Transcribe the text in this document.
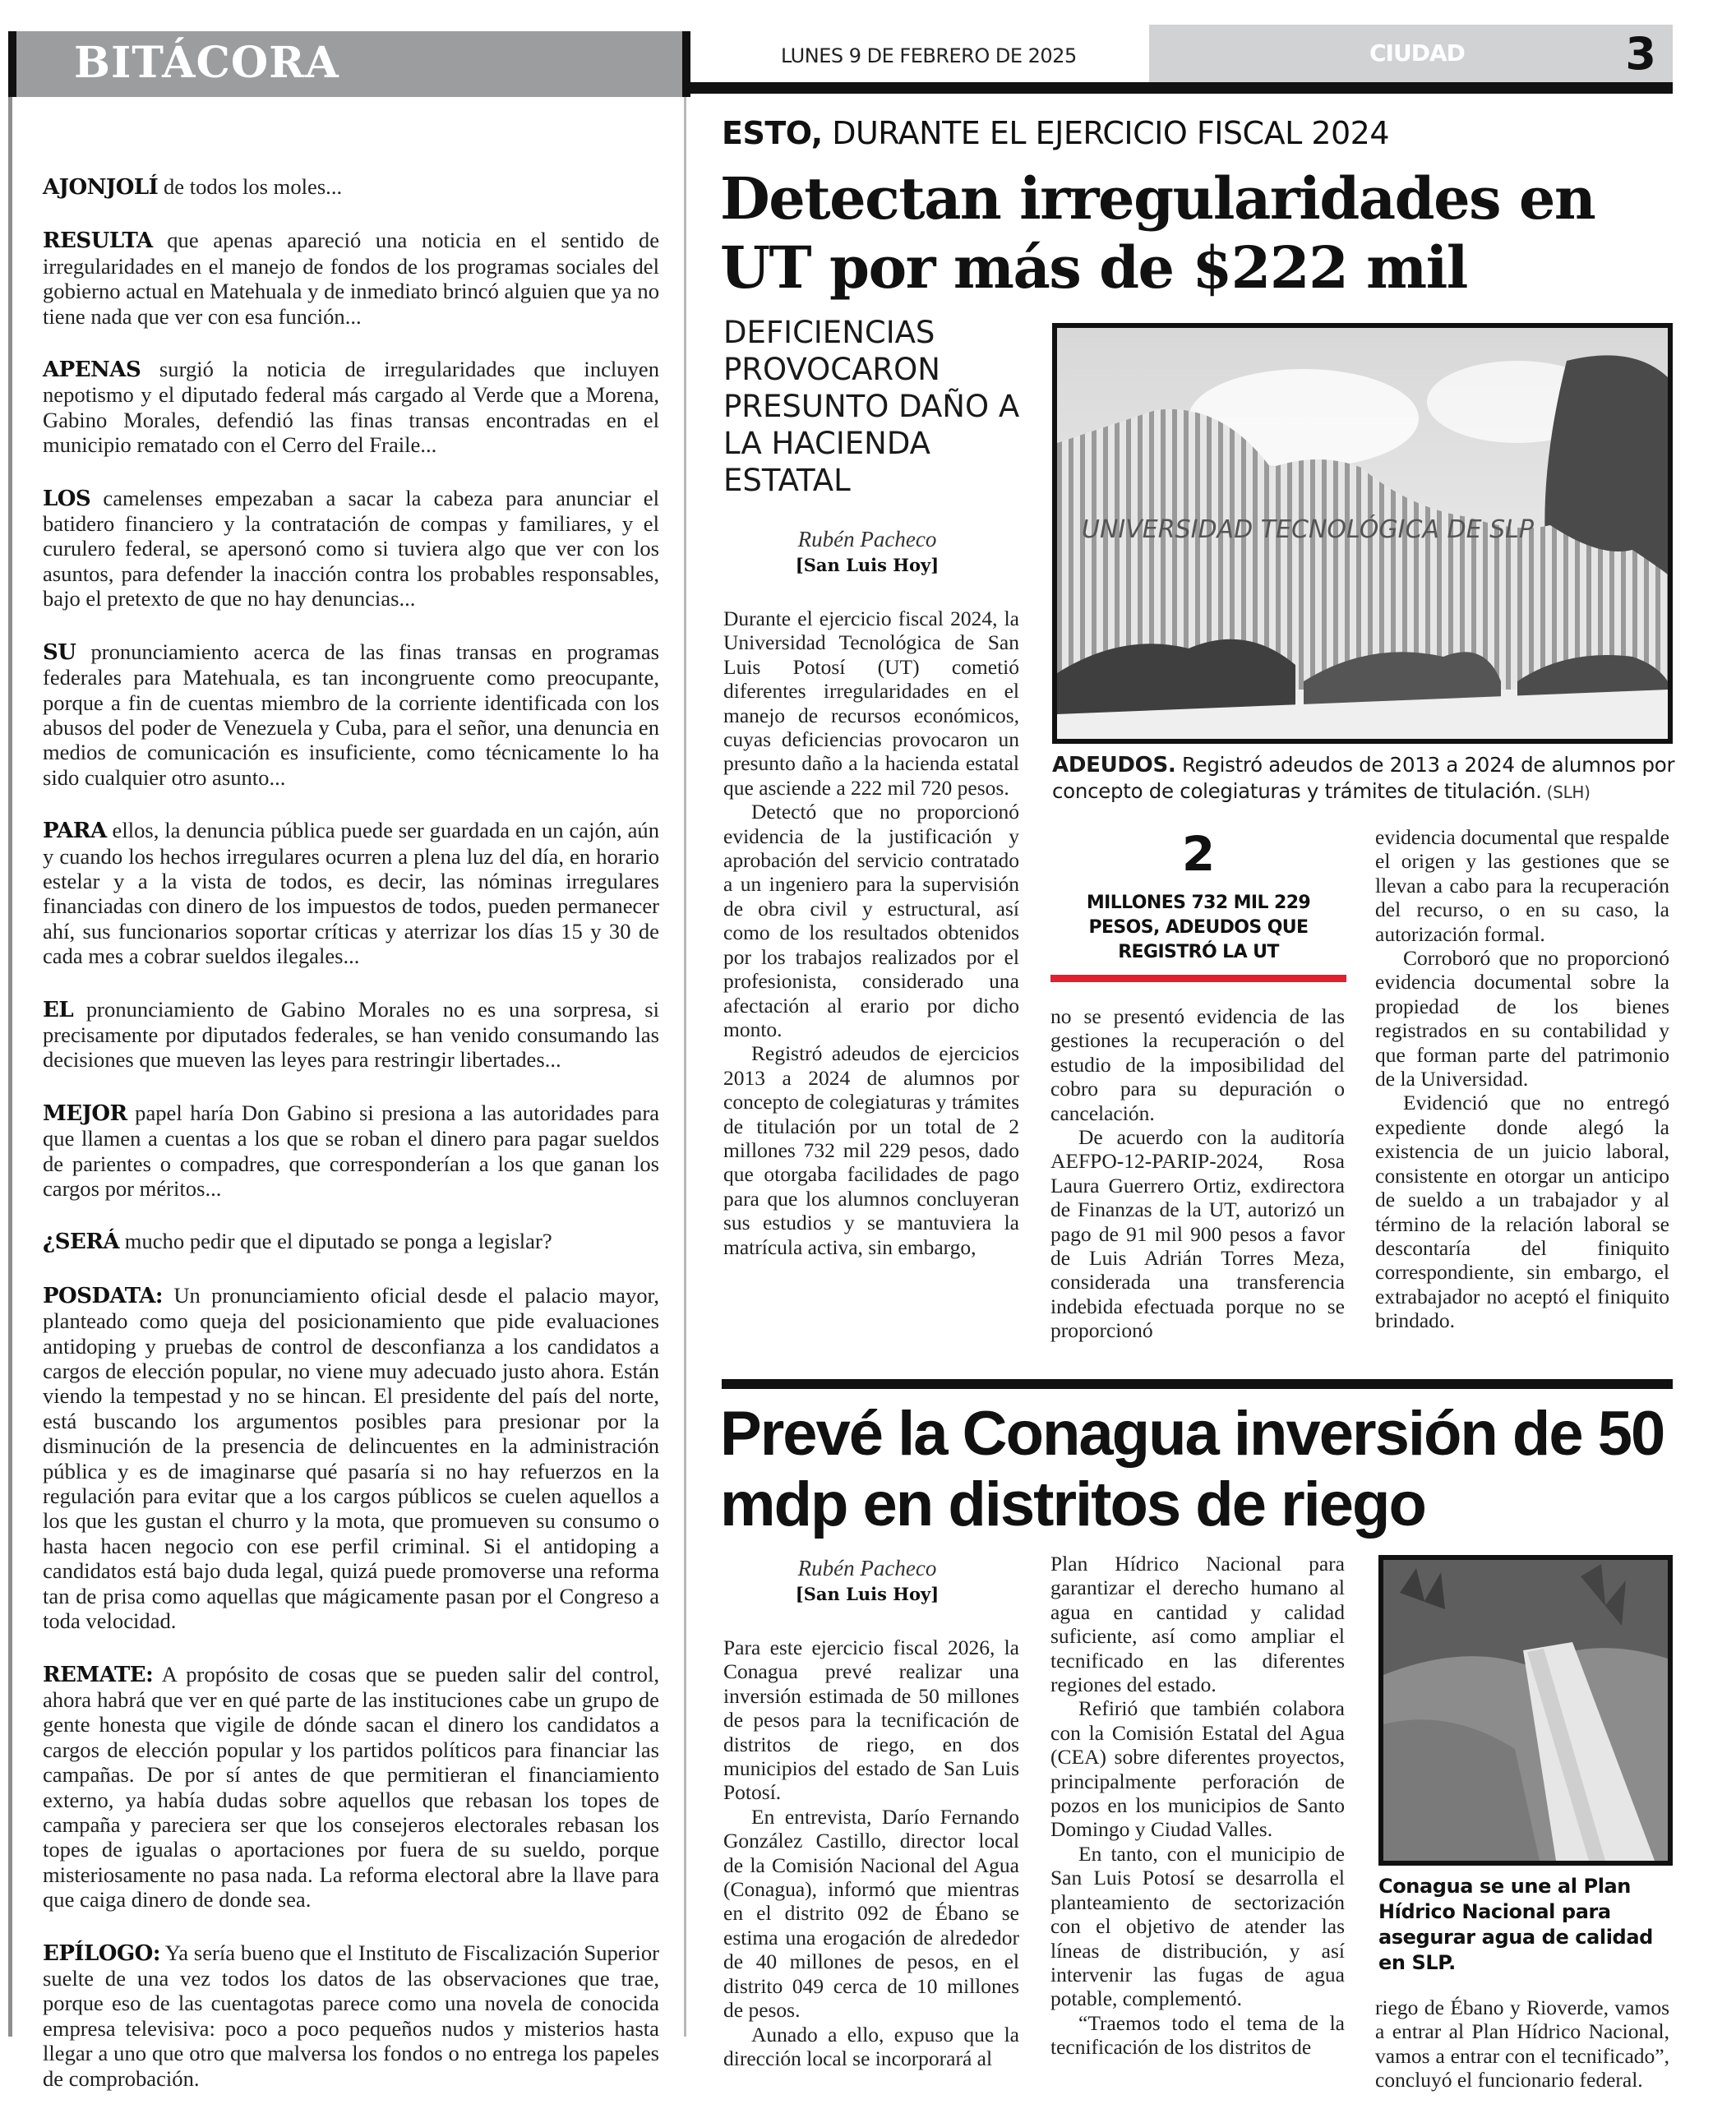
BITÁCORA

AJONJOLÍ de todos los moles...

RESULTA que apenas apareció una noticia en el sentido de irregularidades en el manejo de fondos de los programas sociales del gobierno actual en Matehuala y de inmediato brincó alguien que ya no tiene nada que ver con esa función...

APENAS surgió la noticia de irregularidades que incluyen nepotismo y el diputado federal más cargado al Verde que a Morena, Gabino Morales, defendió las finas transas encontradas en el municipio rematado con el Cerro del Fraile...

LOS camelenses empezaban a sacar la cabeza para anunciar el batidero financiero y la contratación de compas y familiares, y el curulero federal, se apersonó como si tuviera algo que ver con los asuntos, para defender la inacción contra los probables responsables, bajo el pretexto de que no hay denuncias...

SU pronunciamiento acerca de las finas transas en programas federales para Matehuala, es tan incongruente como preocupante, porque a fin de cuentas miembro de la corriente identificada con los abusos del poder de Venezuela y Cuba, para el señor, una denuncia en medios de comunicación es insuficiente, como técnicamente lo ha sido cualquier otro asunto...

PARA ellos, la denuncia pública puede ser guardada en un cajón, aún y cuando los hechos irregulares ocurren a plena luz del día, en horario estelar y a la vista de todos, es decir, las nóminas irregulares financiadas con dinero de los impuestos de todos, pueden permanecer ahí, sus funcionarios soportar críticas y aterrizar los días 15 y 30 de cada mes a cobrar sueldos ilegales...

EL pronunciamiento de Gabino Morales no es una sorpresa, si precisamente por diputados federales, se han venido consumando las decisiones que mueven las leyes para restringir libertades...

MEJOR papel haría Don Gabino si presiona a las autoridades para que llamen a cuentas a los que se roban el dinero para pagar sueldos de parientes o compadres, que corresponderían a los que ganan los cargos por méritos...

¿SERÁ mucho pedir que el diputado se ponga a legislar?

POSDATA: Un pronunciamiento oficial desde el palacio mayor, planteado como queja del posicionamiento que pide evaluaciones antidoping y pruebas de control de desconfianza a los candidatos a cargos de elección popular, no viene muy adecuado justo ahora. Están viendo la tempestad y no se hincan. El presidente del país del norte, está buscando los argumentos posibles para presionar por la disminución de la presencia de delincuentes en la administración pública y es de imaginarse qué pasaría si no hay refuerzos en la regulación para evitar que a los cargos públicos se cuelen aquellos a los que les gustan el churro y la mota, que promueven su consumo o hasta hacen negocio con ese perfil criminal. Si el antidoping a candidatos está bajo duda legal, quizá puede promoverse una reforma tan de prisa como aquellas que mágicamente pasan por el Congreso a toda velocidad.

REMATE: A propósito de cosas que se pueden salir del control, ahora habrá que ver en qué parte de las instituciones cabe un grupo de gente honesta que vigile de dónde sacan el dinero los candidatos a cargos de elección popular y los partidos políticos para financiar las campañas. De por sí antes de que permitieran el financiamiento externo, ya había dudas sobre aquellos que rebasan los topes de campaña y pareciera ser que los consejeros electorales rebasan los topes de igualas o aportaciones por fuera de su sueldo, porque misteriosamente no pasa nada. La reforma electoral abre la llave para que caiga dinero de donde sea.

EPÍLOGO: Ya sería bueno que el Instituto de Fiscalización Superior suelte de una vez todos los datos de las observaciones que trae, porque eso de las cuentagotas parece como una novela de conocida empresa televisiva: poco a poco pequeños nudos y misterios hasta llegar a uno que otro que malversa los fondos o no entrega los papeles de comprobación.

LUNES 9 DE FEBRERO DE 2025	CIUDAD	3
ESTO, DURANTE EL EJERCICIO FISCAL 2024
Detectan irregularidades en UT por más de $222 mil
DEFICIENCIAS PROVOCARON PRESUNTO DAÑO A LA HACIENDA ESTATAL
Rubén Pacheco
[San Luis Hoy]
UNIVERSIDAD TECNOLÓGICA DE SLP
ADEUDOS. Registró adeudos de 2013 a 2024 de alumnos por concepto de colegiaturas y trámites de titulación. (SLH)

Durante el ejercicio fiscal 2024, la Universidad Tecnológica de San Luis Potosí (UT) cometió diferentes irregularidades en el manejo de recursos económicos, cuyas deficiencias provocaron un presunto daño a la hacienda estatal que asciende a 222 mil 720 pesos.

Detectó que no proporcionó evidencia de la justificación y aprobación del servicio contratado a un ingeniero para la supervisión de obra civil y estructural, así como de los resultados obtenidos por los trabajos realizados por el profesionista, considerado una afectación al erario por dicho monto.

Registró adeudos de ejercicios 2013 a 2024 de alumnos por concepto de colegiaturas y trámites de titulación por un total de 2 millones 732 mil 229 pesos, dado que otorgaba facilidades de pago para que los alumnos concluyeran sus estudios y se mantuviera la matrícula activa, sin embargo,

2
MILLONES 732 MIL 229 PESOS, ADEUDOS QUE REGISTRÓ LA UT

no se presentó evidencia de las gestiones la recuperación o del estudio de la imposibilidad del cobro para su depuración o cancelación.

De acuerdo con la auditoría AEFPO-12-PARIP-2024, Rosa Laura Guerrero Ortiz, exdirectora de Finanzas de la UT, autorizó un pago de 91 mil 900 pesos a favor de Luis Adrián Torres Meza, considerada una transferencia indebida efectuada porque no se proporcionó

evidencia documental que respalde el origen y las gestiones que se llevan a cabo para la recuperación del recurso, o en su caso, la autorización formal.

Corroboró que no proporcionó evidencia documental sobre la propiedad de los bienes registrados en su contabilidad y que forman parte del patrimonio de la Universidad.

Evidenció que no entregó expediente donde alegó la existencia de un juicio laboral, consistente en otorgar un anticipo de sueldo a un trabajador y al término de la relación laboral se descontaría del finiquito correspondiente, sin embargo, el extrabajador no aceptó el finiquito brindado.

Prevé la Conagua inversión de 50 mdp en distritos de riego
Rubén Pacheco
[San Luis Hoy]

Para este ejercicio fiscal 2026, la Conagua prevé realizar una inversión estimada de 50 millones de pesos para la tecnificación de distritos de riego, en dos municipios del estado de San Luis Potosí.

En entrevista, Darío Fernando González Castillo, director local de la Comisión Nacional del Agua (Conagua), informó que mientras en el distrito 092 de Ébano se estima una erogación de alrededor de 40 millones de pesos, en el distrito 049 cerca de 10 millones de pesos.

Aunado a ello, expuso que la dirección local se incorporará al

Plan Hídrico Nacional para garantizar el derecho humano al agua en cantidad y calidad suficiente, así como ampliar el tecnificado en las diferentes regiones del estado.

Refirió que también colabora con la Comisión Estatal del Agua (CEA) sobre diferentes proyectos, principalmente perforación de pozos en los municipios de Santo Domingo y Ciudad Valles.

En tanto, con el municipio de San Luis Potosí se desarrolla el planteamiento de sectorización con el objetivo de atender las líneas de distribución, y así intervenir las fugas de agua potable, complementó.

“Traemos todo el tema de la tecnificación de los distritos de

Conagua se une al Plan Hídrico Nacional para asegurar agua de calidad en SLP.

riego de Ébano y Rioverde, vamos a entrar al Plan Hídrico Nacional, vamos a entrar con el tecnificado”, concluyó el funcionario federal.
